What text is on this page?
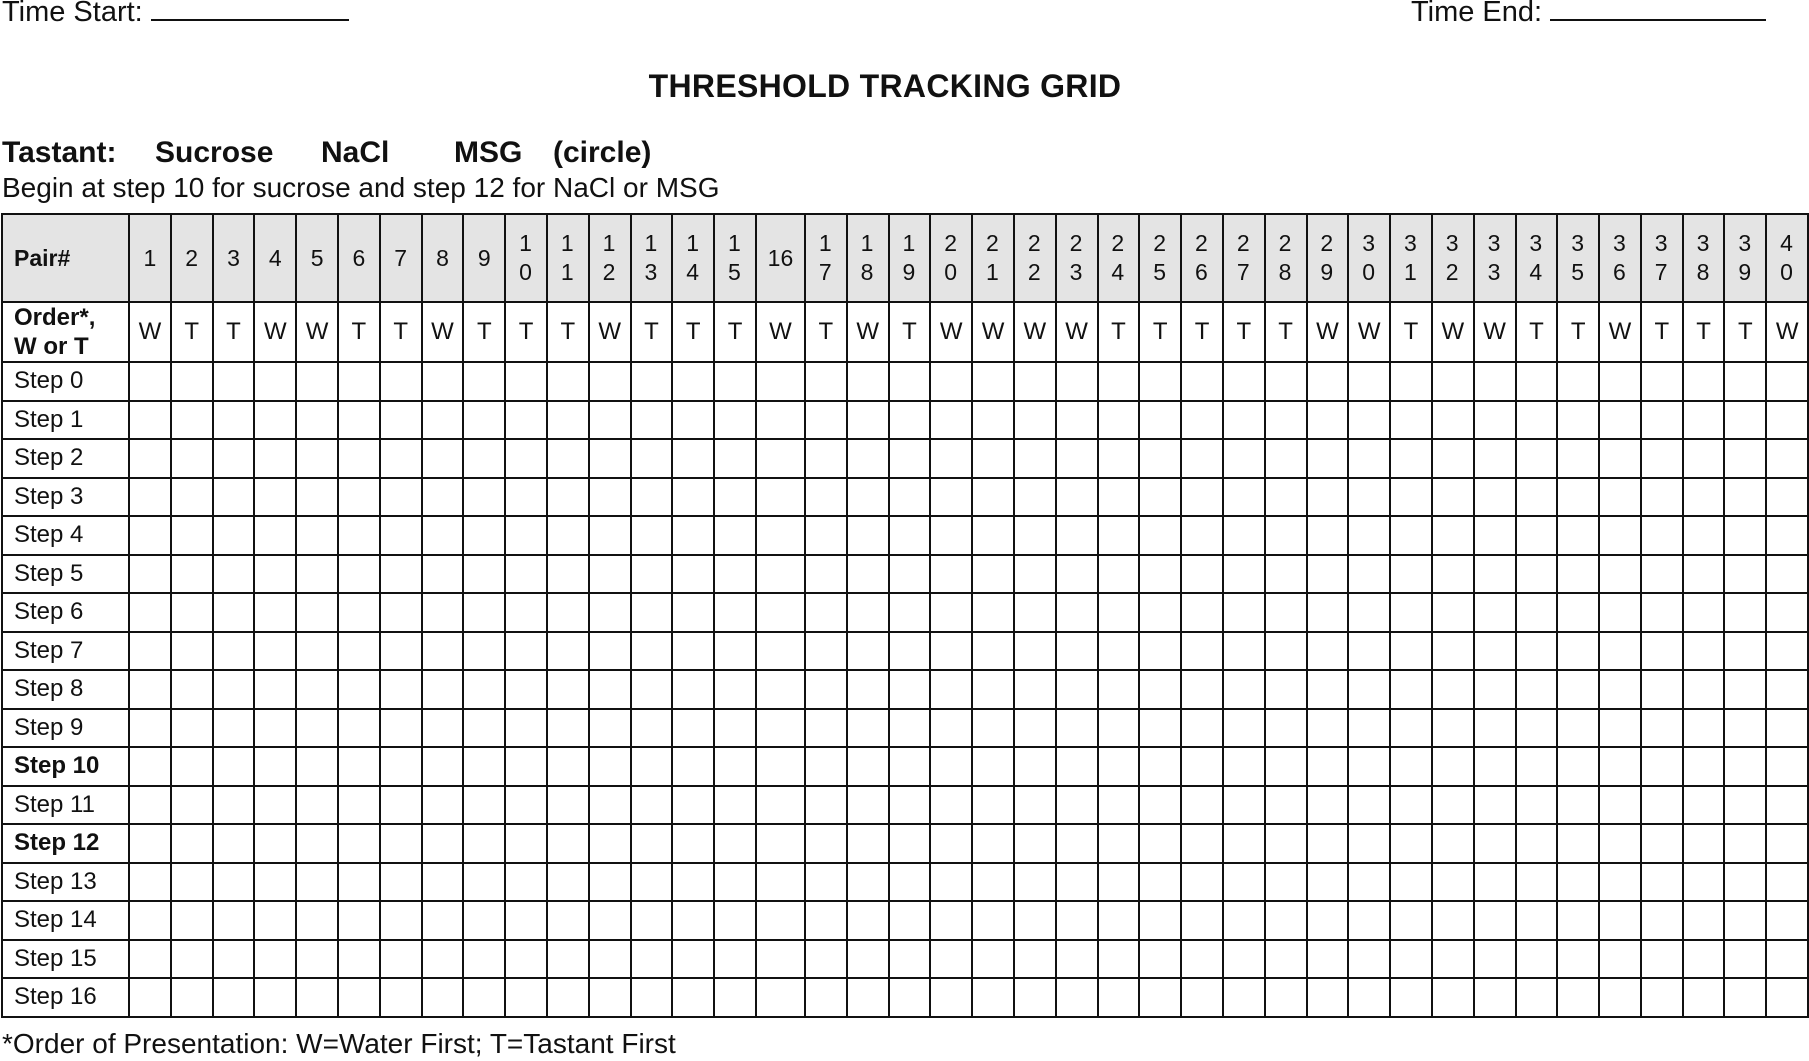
Time Start:	Time End:
THRESHOLD TRACKING GRID
Tastant: Sucrose NaCl MSG (circle)
Begin at step 10 for sucrose and step 12 for NaCl or MSG
Pair#	1	2	3	4	5	6	7	8	9	10	11	12	13	14	15	16	17	18	19	20	21	22	23	24	25	26	27	28	29	30	31	32	33	34	35	36	37	38	39	40
Order*,
W or T	W	T	T	W	W	T	T	W	T	T	T	W	T	T	T	W	T	W	T	W	W	W	W	T	T	T	T	T	W	W	T	W	W	T	T	W	T	T	T	W
Step 0																																								
Step 1																																								
Step 2																																								
Step 3																																								
Step 4																																								
Step 5																																								
Step 6																																								
Step 7																																								
Step 8																																								
Step 9																																								
Step 10																																								
Step 11																																								
Step 12																																								
Step 13																																								
Step 14																																								
Step 15																																								
Step 16																																								
*Order of Presentation: W=Water First; T=Tastant First
